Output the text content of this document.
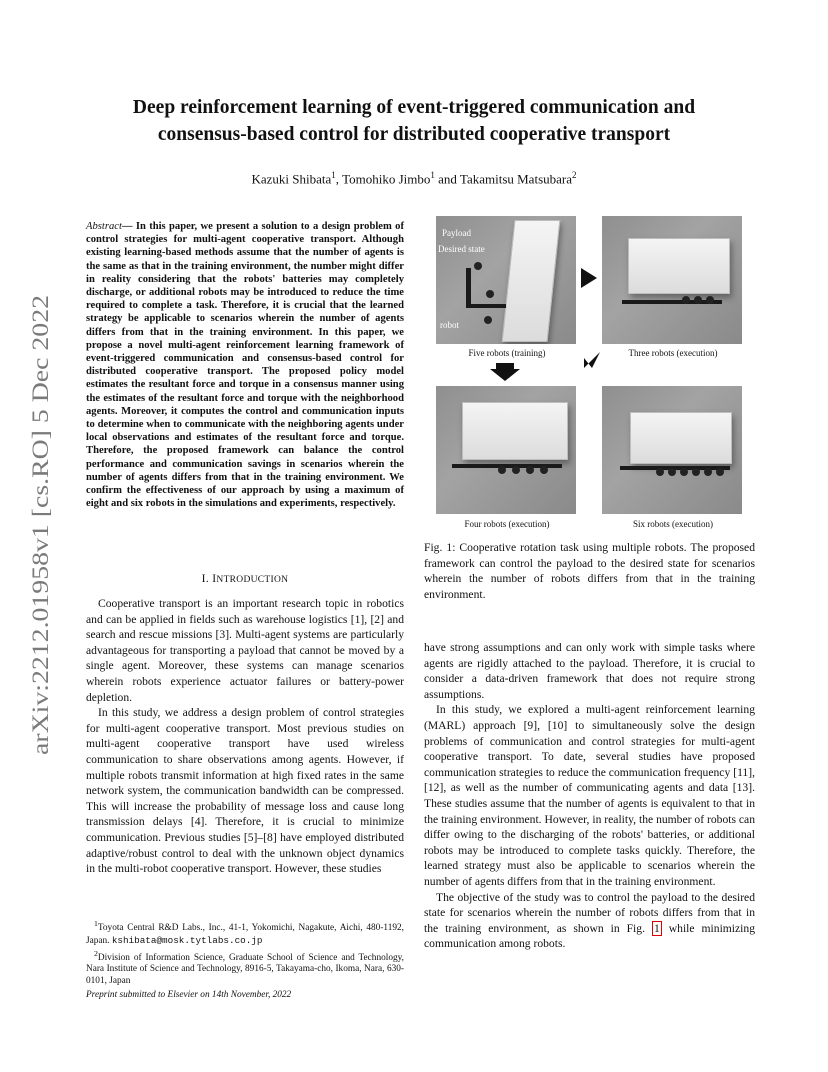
Deep reinforcement learning of event-triggered communication and
consensus-based control for distributed cooperative transport
Kazuki Shibata$^1$, Tomohiko Jimbo$^1$ and Takamitsu Matsubara$^2$
arXiv:2212.01958v1 [cs.RO] 5 Dec 2022
Abstract— In this paper, we present a solution to a design problem of control strategies for multi-agent cooperative transport. Although existing learning-based methods assume that the number of agents is the same as that in the training environment, the number might differ in reality considering that the robots' batteries may completely discharge, or additional robots may be introduced to reduce the time required to complete a task. Therefore, it is crucial that the learned strategy be applicable to scenarios wherein the number of agents differs from that in the training environment. In this paper, we propose a novel multi-agent reinforcement learning framework of event-triggered communication and consensus-based control for distributed cooperative transport. The proposed policy model estimates the resultant force and torque in a consensus manner using the estimates of the resultant force and torque with the neighborhood agents. Moreover, it computes the control and communication inputs to determine when to communicate with the neighboring agents under local observations and estimates of the resultant force and torque. Therefore, the proposed framework can balance the control performance and communication savings in scenarios wherein the number of agents differs from that in the training environment. We confirm the effectiveness of our approach by using a maximum of eight and six robots in the simulations and experiments, respectively.
I. INTRODUCTION

Cooperative transport is an important research topic in robotics and can be applied in fields such as warehouse logistics [1], [2] and search and rescue missions [3]. Multi-agent systems are particularly advantageous for transporting a payload that cannot be moved by a single agent. Moreover, these systems can manage scenarios wherein robots experience actuator failures or battery-power depletion.

In this study, we address a design problem of control strategies for multi-agent cooperative transport. Most previous studies on multi-agent cooperative transport have used wireless communication to share observations among agents. However, if multiple robots transmit information at high fixed rates in the same network system, the communication bandwidth can be compressed. This will increase the probability of message loss and cause long transmission delays [4]. Therefore, it is crucial to minimize communication. Previous studies [5]–[8] have employed distributed adaptive/robust control to deal with the unknown object dynamics in the multi-robot cooperative transport. However, these studies

$^1$Toyota Central R&D Labs., Inc., 41-1, Yokomichi, Nagakute, Aichi, 480-1192, Japan. kshibata@mosk.tytlabs.co.jp

$^2$Division of Information Science, Graduate School of Science and Technology, Nara Institute of Science and Technology, 8916-5, Takayama-cho, Ikoma, Nara, 630-0101, Japan

Preprint submitted to Elsevier on 14th November, 2022

Payload
Desired state
robot
Five robots (training)	Three robots (execution)
Four robots (execution)	Six robots (execution)
Fig. 1: Cooperative rotation task using multiple robots. The proposed framework can control the payload to the desired state for scenarios wherein the number of robots differs from that in the training environment.

have strong assumptions and can only work with simple tasks where agents are rigidly attached to the payload. Therefore, it is crucial to consider a data-driven framework that does not require strong assumptions.

In this study, we explored a multi-agent reinforcement learning (MARL) approach [9], [10] to simultaneously solve the design problems of communication and control strategies for multi-agent cooperative transport. To date, several studies have proposed communication strategies to reduce the communication frequency [11], [12], as well as the number of communicating agents and data [13]. These studies assume that the number of agents is equivalent to that in the training environment. However, in reality, the number of robots can differ owing to the discharging of the robots' batteries, or additional robots may be introduced to complete tasks quickly. Therefore, the learned strategy must also be applicable to scenarios wherein the number of agents differs from that in the training environment.

The objective of the study was to control the payload to the desired state for scenarios wherein the number of robots differs from that in the training environment, as shown in Fig. 1 while minimizing communication among robots.
